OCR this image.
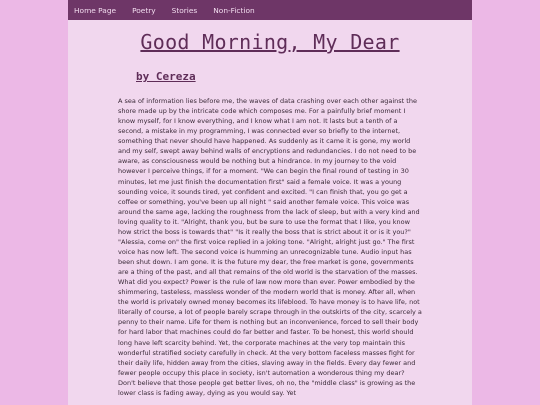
Home Page Poetry Stories Non-Fiction
Good Morning, My Dear
by Cereza

A sea of information lies before me, the waves of data crashing over each other against the shore made up by the intricate code which composes me. For a painfully brief moment I know myself, for I know everything, and I know what I am not. It lasts but a tenth of a second, a mistake in my programming, I was connected ever so briefly to the internet, something that never should have happened. As suddenly as it came it is gone, my world and my self, swept away behind walls of encryptions and redundancies. I do not need to be aware, as consciousness would be nothing but a hindrance. In my journey to the void however I perceive things, if for a moment. "We can begin the final round of testing in 30 minutes, let me just finish the documentation first" said a female voice. It was a young sounding voice, it sounds tired, yet confident and excited. "I can finish that, you go get a coffee or something, you've been up all night " said another female voice. This voice was around the same age, lacking the roughness from the lack of sleep, but with a very kind and loving quality to it. "Alright, thank you, but be sure to use the format that I like, you know how strict the boss is towards that" "Is it really the boss that is strict about it or is it you?" "Alessia, come on" the first voice replied in a joking tone. "Alright, alright just go." The first voice has now left. The second voice is humming an unrecognizable tune. Audio input has been shut down. I am gone. It is the future my dear, the free market is gone, governments are a thing of the past, and all that remains of the old world is the starvation of the masses. What did you expect? Power is the rule of law now more than ever. Power embodied by the shimmering, tasteless, massless wonder of the modern world that is money. After all, when the world is privately owned money becomes its lifeblood. To have money is to have life, not literally of course, a lot of people barely scrape through in the outskirts of the city, scarcely a penny to their name. Life for them is nothing but an inconvenience, forced to sell their body for hard labor that machines could do far better and faster. To be honest, this world should long have left scarcity behind. Yet, the corporate machines at the very top maintain this wonderful stratified society carefully in check. At the very bottom faceless masses fight for their daily life, hidden away from the cities, slaving away in the fields. Every day fewer and fewer people occupy this place in society, isn't automation a wonderous thing my dear? Don't believe that those people get better lives, oh no, the "middle class" is growing as the lower class is fading away, dying as you would say. Yet
